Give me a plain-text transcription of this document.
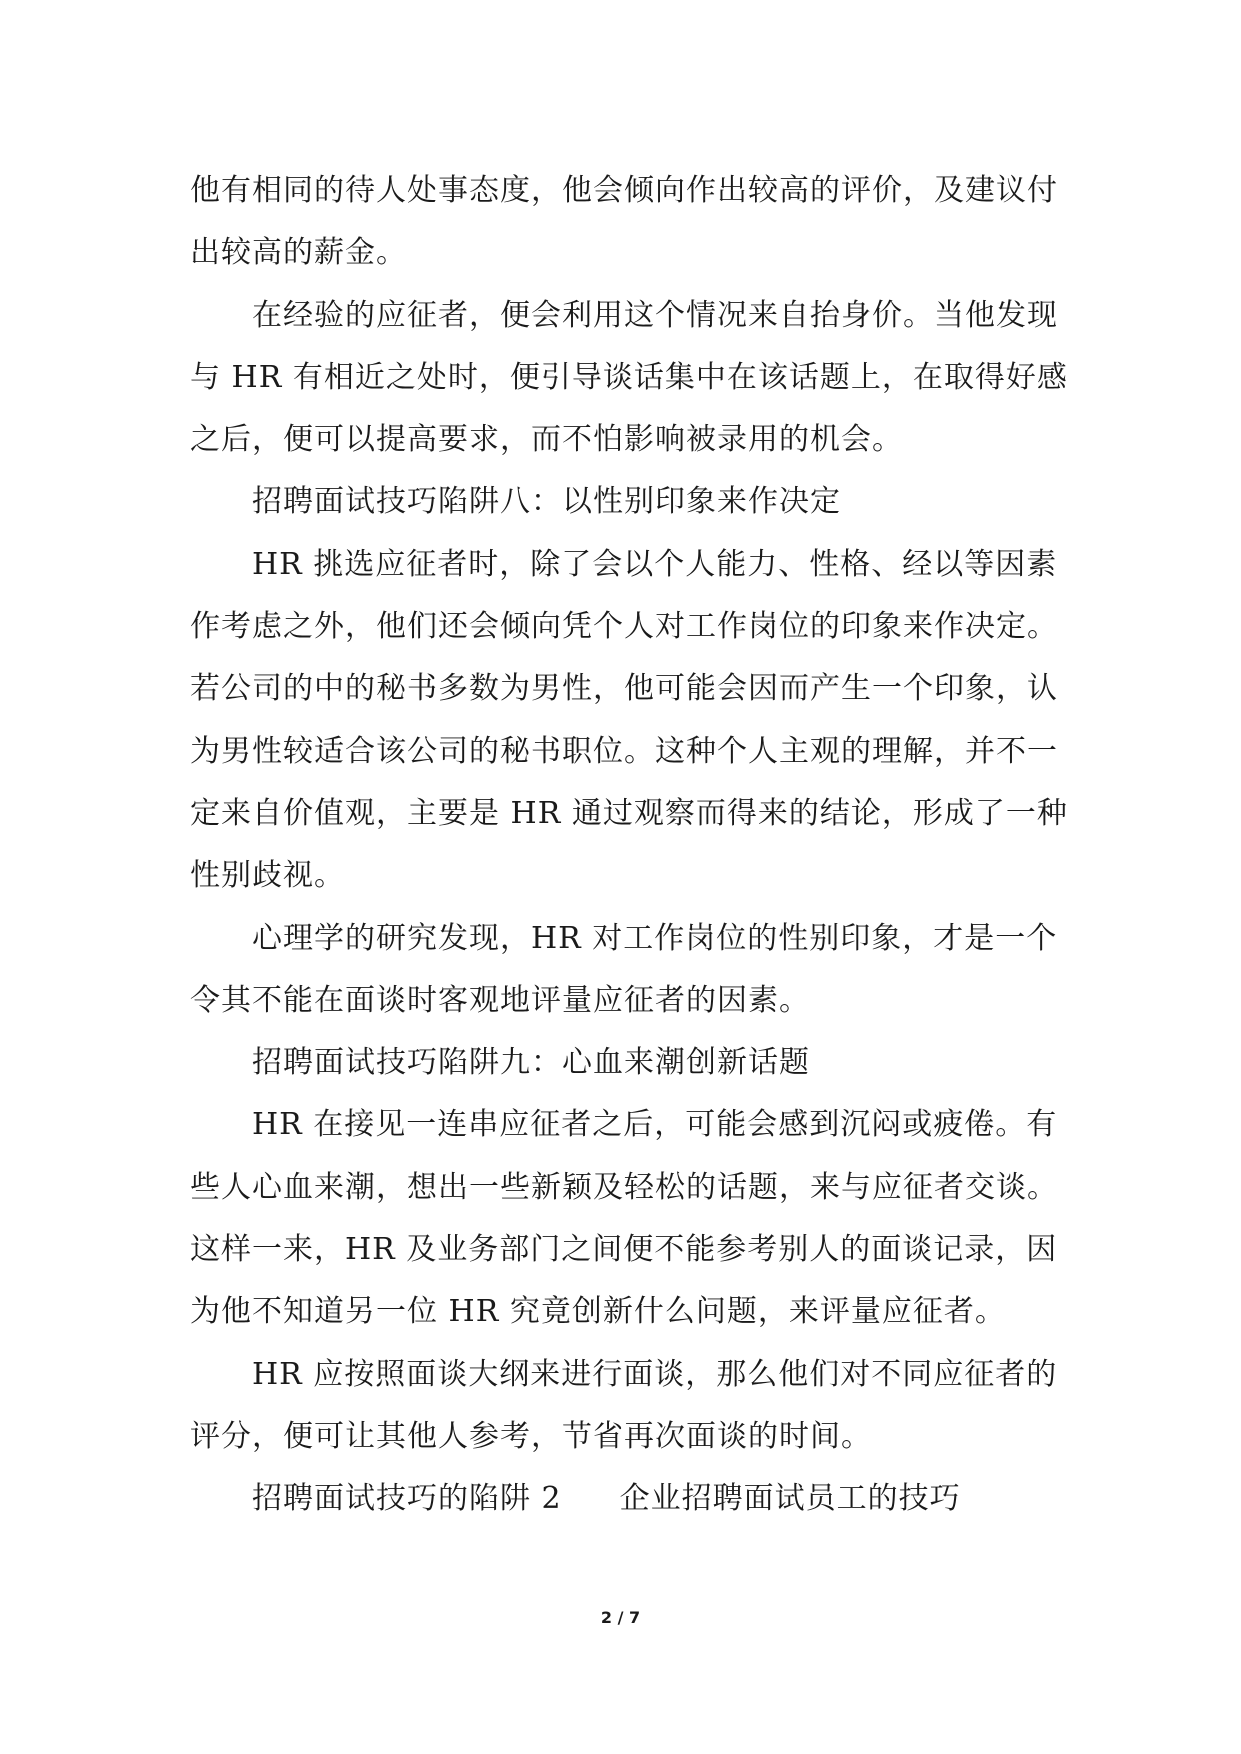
他有相同的待人处事态度，他会倾向作出较高的评价，及建议付
出较高的薪金。
在经验的应征者，便会利用这个情况来自抬身价。当他发现
与 HR 有相近之处时，便引导谈话集中在该话题上，在取得好感
之后，便可以提高要求，而不怕影响被录用的机会。
招聘面试技巧陷阱八：以性别印象来作决定
HR 挑选应征者时，除了会以个人能力、性格、经以等因素
作考虑之外，他们还会倾向凭个人对工作岗位的印象来作决定。
若公司的中的秘书多数为男性，他可能会因而产生一个印象，认
为男性较适合该公司的秘书职位。这种个人主观的理解，并不一
定来自价值观，主要是 HR 通过观察而得来的结论，形成了一种
性别歧视。
心理学的研究发现，HR 对工作岗位的性别印象，才是一个
令其不能在面谈时客观地评量应征者的因素。
招聘面试技巧陷阱九：心血来潮创新话题
HR 在接见一连串应征者之后，可能会感到沉闷或疲倦。有
些人心血来潮，想出一些新颖及轻松的话题，来与应征者交谈。
这样一来，HR 及业务部门之间便不能参考别人的面谈记录，因
为他不知道另一位 HR 究竟创新什么问题，来评量应征者。
HR 应按照面谈大纲来进行面谈，那么他们对不同应征者的
评分，便可让其他人参考，节省再次面谈的时间。
招聘面试技巧的陷阱 2 企业招聘面试员工的技巧
2 / 7
